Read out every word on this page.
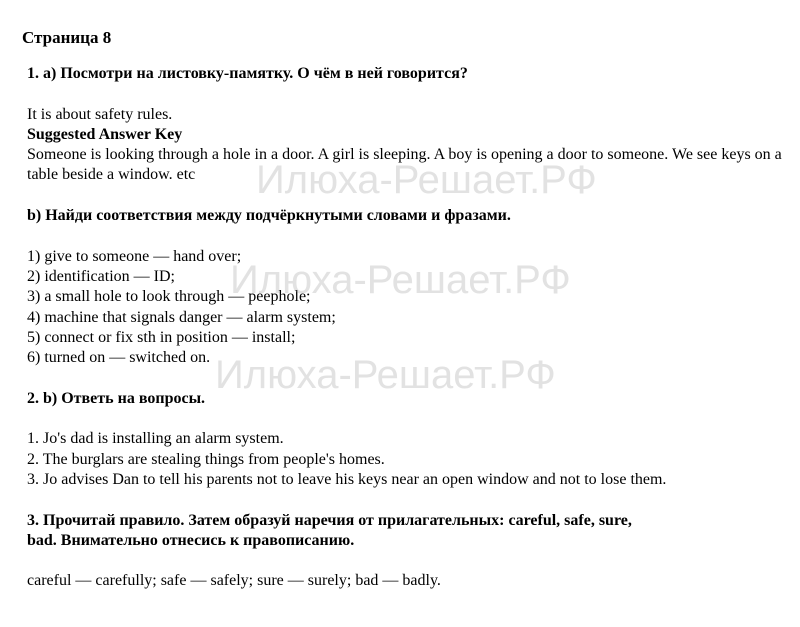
Страница 8
1. a) Посмотри на листовку-памятку. О чём в ней говорится?
It is about safety rules.
Suggested Answer Key
Someone is looking through a hole in a door. A girl is sleeping. A boy is opening a door to someone. We see keys on a table beside a window. etc
b) Найди соответствия между подчёркнутыми словами и фразами.
1) give to someone — hand over;
2) identification — ID;
3) a small hole to look through — peephole;
4) machine that signals danger — alarm system;
5) connect or fix sth in position — install;
6) turned on — switched on.
2. b) Ответь на вопросы.
1. Jo's dad is installing an alarm system.
2. The burglars are stealing things from people's homes.
3. Jo advises Dan to tell his parents not to leave his keys near an open window and not to lose them.
3. Прочитай правило. Затем образуй наречия от прилагательных: careful, safe, sure,
bad. Внимательно отнесись к правописанию.
careful — carefully; safe — safely; sure — surely; bad — badly.
Илюха-Решает.РФ
Илюха-Решает.РФ
Илюха-Решает.РФ
